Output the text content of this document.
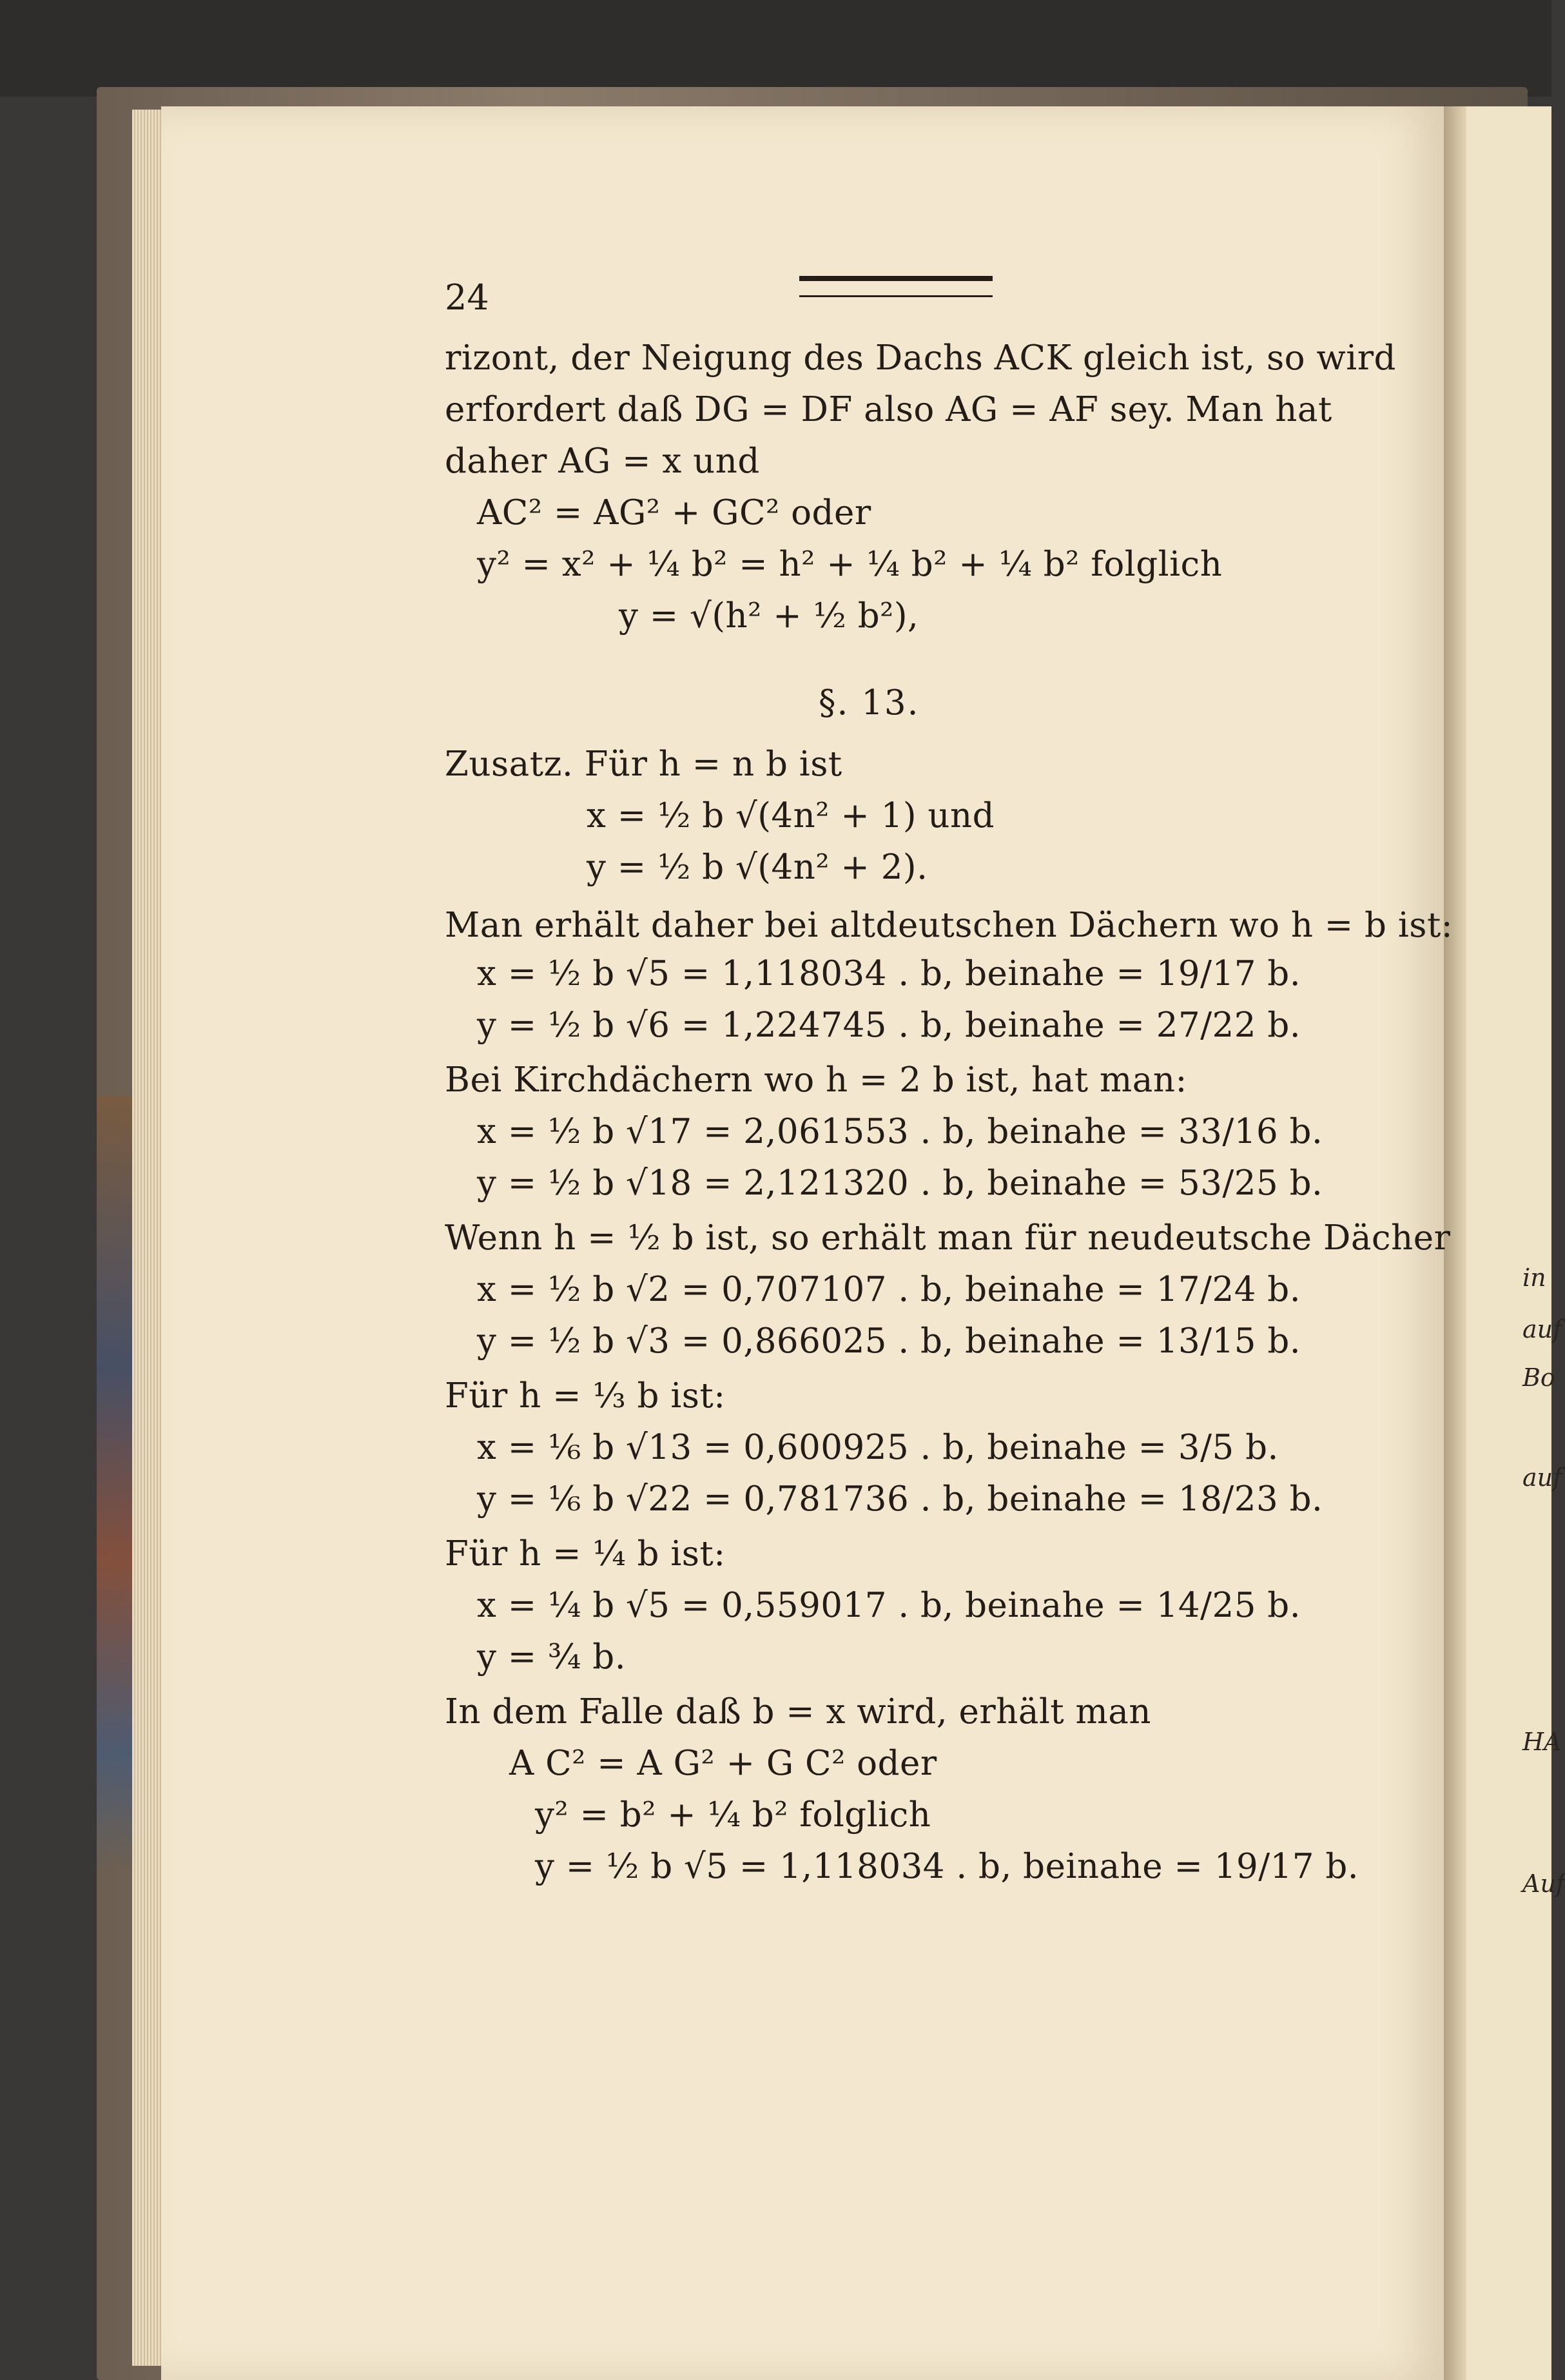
in
auf
Bo
auf
HA
Auf
24
rizont, der Neigung des Dachs ACK gleich ist, so wird
erfordert daß DG = DF also AG = AF sey. Man hat
daher AG = x und
AC² = AG² + GC² oder
y² = x² + ¼ b² = h² + ¼ b² + ¼ b² folglich
y = √(h² + ½ b²),
§. 13.
Zusatz. Für h = n b ist
x = ½ b √(4n² + 1) und
y = ½ b √(4n² + 2).
Man erhält daher bei altdeutschen Dächern wo h = b ist:
x = ½ b √5 = 1,118034 . b, beinahe = 19/17 b.
y = ½ b √6 = 1,224745 . b, beinahe = 27/22 b.
Bei Kirchdächern wo h = 2 b ist, hat man:
x = ½ b √17 = 2,061553 . b, beinahe = 33/16 b.
y = ½ b √18 = 2,121320 . b, beinahe = 53/25 b.
Wenn h = ½ b ist, so erhält man für neudeutsche Dächer
x = ½ b √2 = 0,707107 . b, beinahe = 17/24 b.
y = ½ b √3 = 0,866025 . b, beinahe = 13/15 b.
Für h = ⅓ b ist:
x = ⅙ b √13 = 0,600925 . b, beinahe = 3/5 b.
y = ⅙ b √22 = 0,781736 . b, beinahe = 18/23 b.
Für h = ¼ b ist:
x = ¼ b √5 = 0,559017 . b, beinahe = 14/25 b.
y = ¾ b.
In dem Falle daß b = x wird, erhält man
A C² = A G² + G C² oder
y² = b² + ¼ b² folglich
y = ½ b √5 = 1,118034 . b, beinahe = 19/17 b.
